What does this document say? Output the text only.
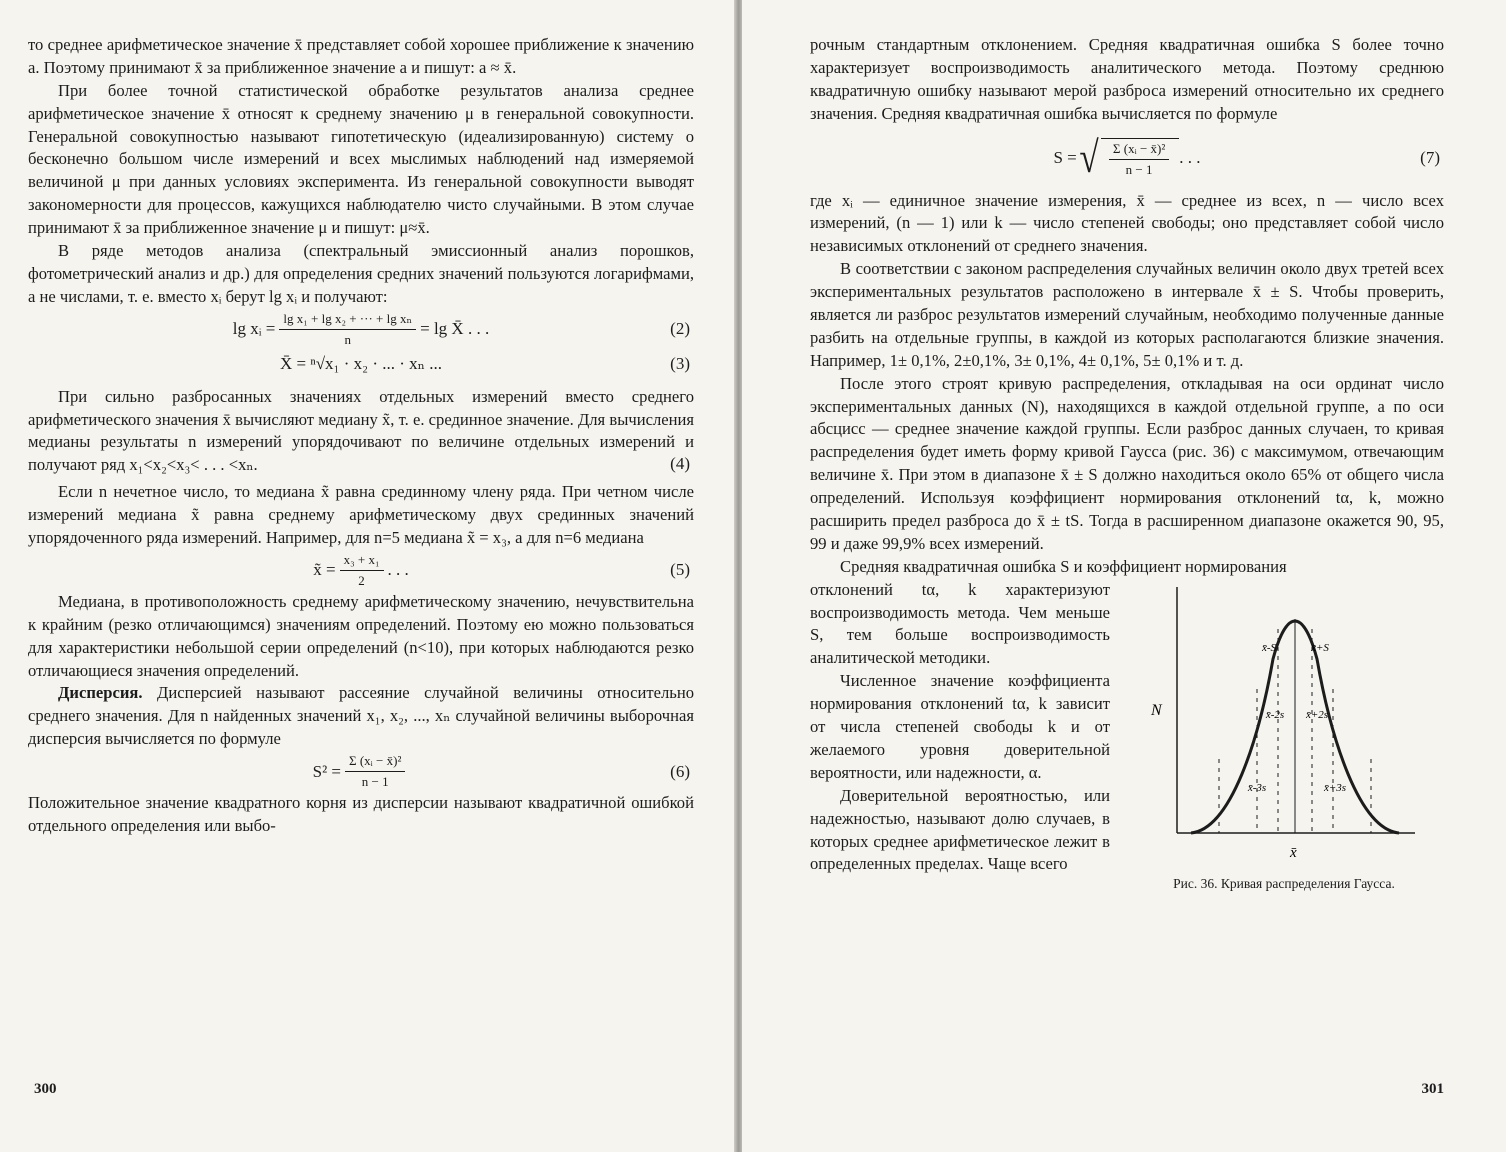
то среднее арифметическое значение x̄ представляет собой хорошее приближение к значению a. Поэтому принимают x̄ за приближенное значение a и пишут: a ≈ x̄.

При более точной статистической обработке результатов анализа среднее арифметическое значение x̄ относят к среднему значению μ в генеральной совокупности. Генеральной совокупностью называют гипотетическую (идеализированную) систему о бесконечно большом числе измерений и всех мыслимых наблюдений над измеряемой величиной μ при данных условиях эксперимента. Из генеральной совокупности выводят закономерности для процессов, кажущихся наблюдателю чисто случайными. В этом случае принимают x̄ за приближенное значение μ и пишут: μ≈x̄.

В ряде методов анализа (спектральный эмиссионный анализ порошков, фотометрический анализ и др.) для определения средних значений пользуются логарифмами, а не числами, т. е. вместо xᵢ берут lg xᵢ и получают:

lg xᵢ = $\frac{\text{lg x₁ + lg x₂ + ··· + lg xₙ}}{n} = \lg$ X̄ . . .	(2)
X̄ = ⁿ√x₁ · x₂ · ... · xₙ ...	(3)

При сильно разбросанных значениях отдельных измерений вместо среднего арифметического значения x̄ вычисляют медиану x̃, т. е. срединное значение. Для вычисления медианы результаты n измерений упорядочивают по величине отдельных измерений и получают ряд x₁<x₂<x₃< . . . <xₙ.	(4)

Если n нечетное число, то медиана x̃ равна срединному члену ряда. При четном числе измерений медиана x̃ равна среднему арифметическому двух срединных значений упорядоченного ряда измерений. Например, для n=5 медиана x̃ = x₃, а для n=6 медиана

x̃ = $\frac{\text{x₃ + x₁}}{2}$ . . .	(5)

Медиана, в противоположность среднему арифметическому значению, нечувствительна к крайним (резко отличающимся) значениям определений. Поэтому ею можно пользоваться для характеристики небольшой серии определений (n<10), при которых наблюдаются резко отличающиеся значения определений.

Дисперсия. Дисперсией называют рассеяние случайной величины относительно среднего значения. Для n найденных значений x₁, x₂, ..., xₙ случайной величины выборочная дисперсия вычисляется по формуле

$S^2 = \frac{\text{Σ (xᵢ − x̄)²}}{n - 1}$	(6)

Положительное значение квадратного корня из дисперсии называют квадратичной ошибкой отдельного определения или выбо-

300

рочным стандартным отклонением. Средняя квадратичная ошибка S более точно характеризует воспроизводимость аналитического метода. Поэтому среднюю квадратичную ошибку называют мерой разброса измерений относительно их среднего значения. Средняя квадратичная ошибка вычисляется по формуле

S = √ $\frac{\text{Σ (xᵢ − x̄)²}}{n - 1}$ . . .	(7)

где xᵢ — единичное значение измерения, x̄ — среднее из всех, n — число всех измерений, (n — 1) или k — число степеней свободы; оно представляет собой число независимых отклонений от среднего значения.

В соответствии с законом распределения случайных величин около двух третей всех экспериментальных результатов расположено в интервале x̄ ± S. Чтобы проверить, является ли разброс результатов измерений случайным, необходимо полученные данные разбить на отдельные группы, в каждой из которых располагаются близкие значения. Например, 1± 0,1%, 2±0,1%, 3± 0,1%, 4± 0,1%, 5± 0,1% и т. д.

После этого строят кривую распределения, откладывая на оси ординат число экспериментальных данных (N), находящихся в каждой отдельной группе, а по оси абсцисс — среднее значение каждой группы. Если разброс данных случаен, то кривая распределения будет иметь форму кривой Гаусса (рис. 36) с максимумом, отвечающим величине x̄. При этом в диапазоне x̄ ± S должно находиться около 65% от общего числа определений. Используя коэффициент нормирования отклонений tα, k, можно расширить предел разброса до x̄ ± tS. Тогда в расширенном диапазоне окажется 90, 95, 99 и даже 99,9% всех измерений.

Средняя квадратичная ошибка S и коэффициент нормирования

отклонений tα, k характеризуют воспроизводимость метода. Чем меньше S, тем больше воспроизводимость аналитической методики.

Численное значение коэффициента нормирования отклонений tα, k зависит от числа степеней свободы k и от желаемого уровня доверительной вероятности, или надежности, α.

Доверительной вероятностью, или надежностью, называют долю случаев, в которых среднее арифметическое лежит в определенных пределах. Чаще всего

N
x̄
x̄-S	x̄+S
x̄-2s x̄+2s
x̄-3s	x̄+3s
Рис. 36. Кривая распределения Гаусса.
301
